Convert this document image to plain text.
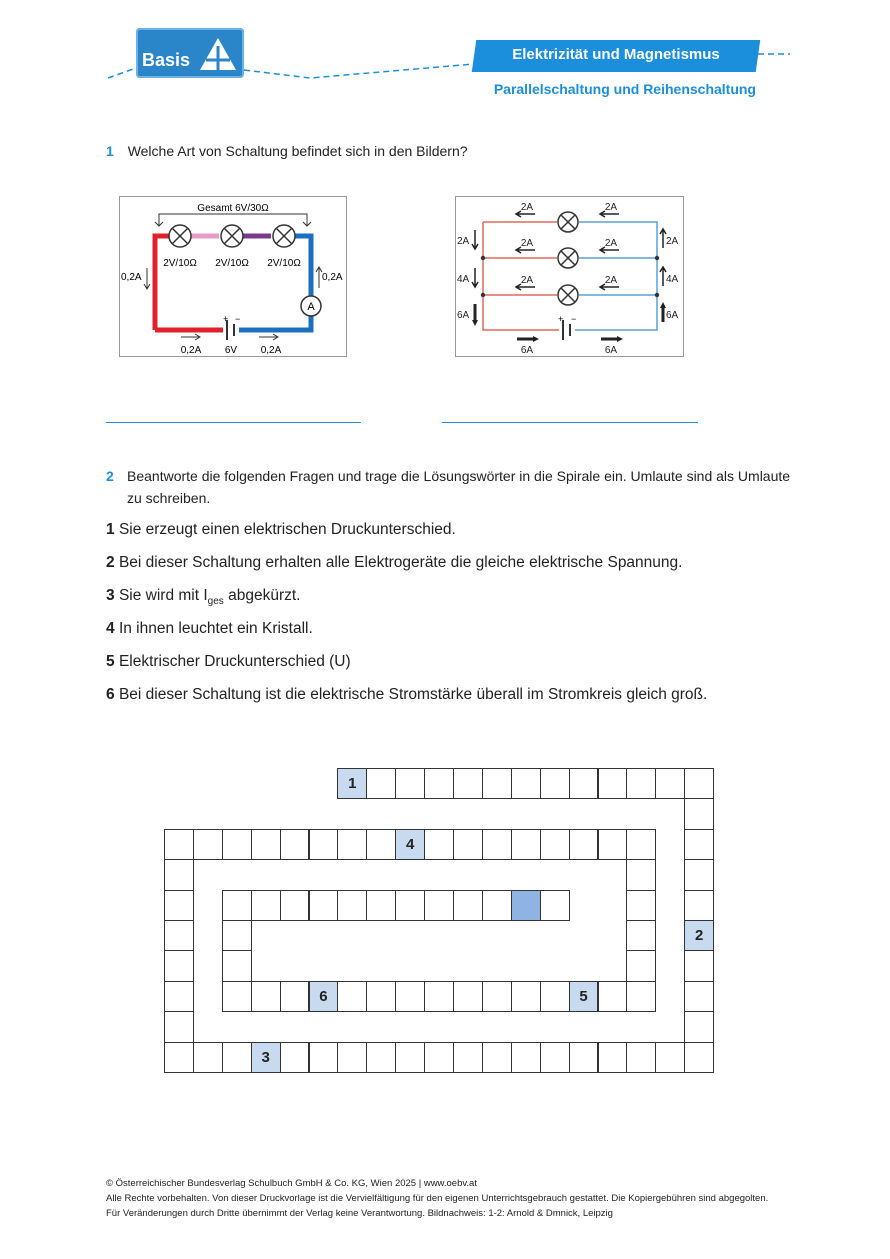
Basis	Elektrizität und Magnetismus
Parallelschaltung und Reihenschaltung
1 Welche Art von Schaltung befindet sich in den Bildern?
Gesamt 6V/30Ω
2V/10Ω 2V/10Ω 2V/10Ω
A
+ −
0,2A	0,2A
0,2A 6V 0,2A
+ −
2A	2A
2A	2A
2A	2A
2A
4A
6A
2A
4A
6A
6A	6A
2 Beantworte die folgenden Fragen und trage die Lösungswörter in die Spirale ein. Umlaute sind als Umlaute zu schreiben.
1 Sie erzeugt einen elektrischen Druckunterschied.
2 Bei dieser Schaltung erhalten alle Elektrogeräte die gleiche elektrische Spannung.
3 Sie wird mit $I_{ges}$ abgekürzt.
4 In ihnen leuchtet ein Kristall.
5 Elektrischer Druckunterschied (U)
6 Bei dieser Schaltung ist die elektrische Stromstärke überall im Stromkreis gleich groß.
1
2
4
3
6	5
© Österreichischer Bundesverlag Schulbuch GmbH & Co. KG, Wien 2025 | www.oebv.at
Alle Rechte vorbehalten. Von dieser Druckvorlage ist die Vervielfältigung für den eigenen Unterrichtsgebrauch gestattet. Die Kopiergebühren sind abgegolten.
Für Veränderungen durch Dritte übernimmt der Verlag keine Verantwortung. Bildnachweis: 1-2: Arnold & Dmnick, Leipzig
